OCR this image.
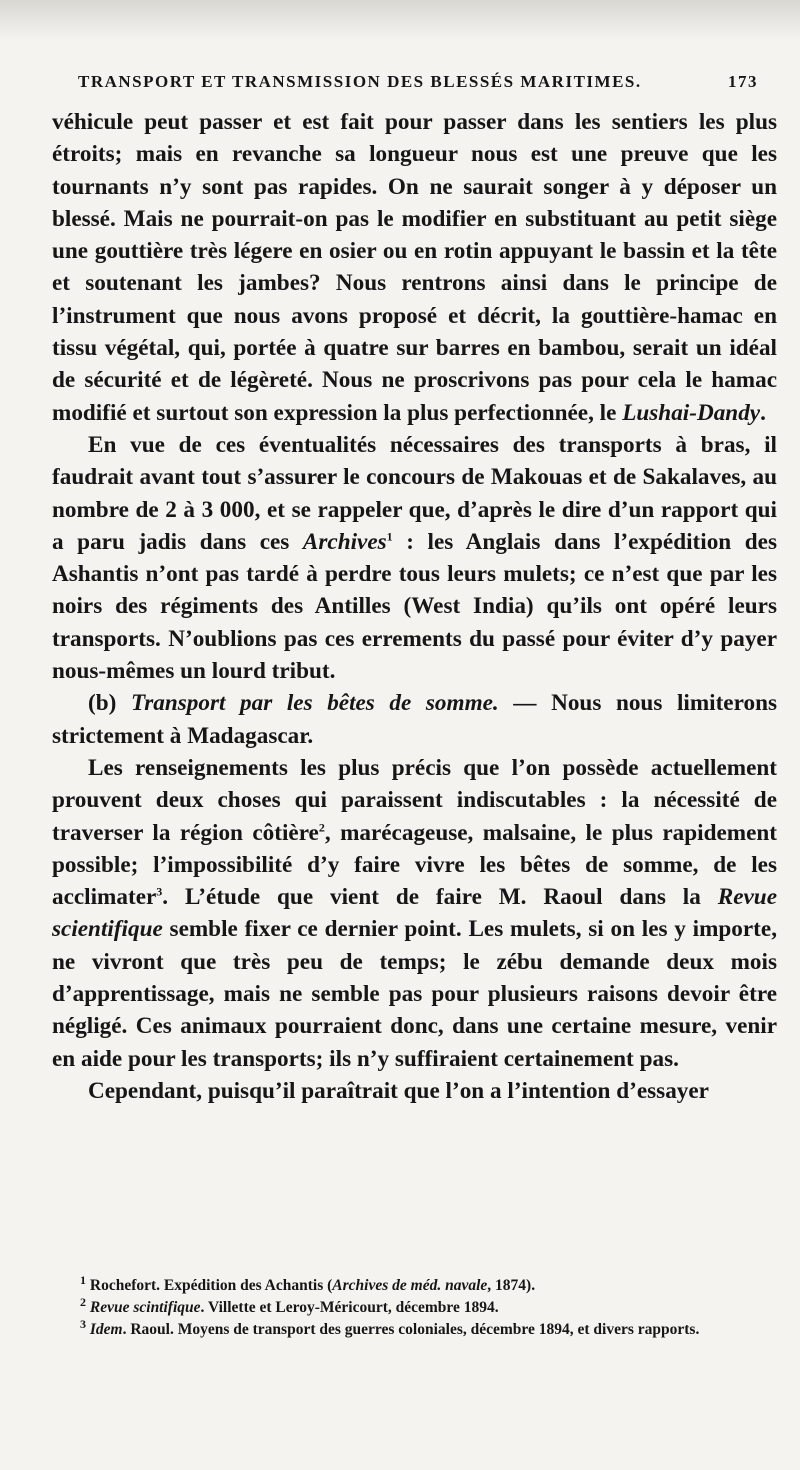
TRANSPORT ET TRANSMISSION DES BLESSÉS MARITIMES.	173

véhicule peut passer et est fait pour passer dans les sentiers les plus étroits; mais en revanche sa longueur nous est une preuve que les tournants n’y sont pas rapides. On ne saurait songer à y déposer un blessé. Mais ne pourrait-on pas le modifier en substituant au petit siège une gouttière très légere en osier ou en rotin appuyant le bassin et la tête et soutenant les jambes? Nous rentrons ainsi dans le principe de l’instrument que nous avons proposé et décrit, la gouttière-hamac en tissu végétal, qui, portée à quatre sur barres en bambou, serait un idéal de sécurité et de légèreté. Nous ne proscrivons pas pour cela le hamac modifié et surtout son expression la plus perfectionnée, le Lushai-Dandy.

En vue de ces éventualités nécessaires des transports à bras, il faudrait avant tout s’assurer le concours de Makouas et de Sakalaves, au nombre de 2 à 3 000, et se rappeler que, d’après le dire d’un rapport qui a paru jadis dans ces Archives$^1$ : les Anglais dans l’expédition des Ashantis n’ont pas tardé à perdre tous leurs mulets; ce n’est que par les noirs des régiments des Antilles (West India) qu’ils ont opéré leurs transports. N’oublions pas ces errements du passé pour éviter d’y payer nous-mêmes un lourd tribut.

(b) Transport par les bêtes de somme. — Nous nous limiterons strictement à Madagascar.

Les renseignements les plus précis que l’on possède actuellement prouvent deux choses qui paraissent indiscutables : la nécessité de traverser la région côtière$^2$, marécageuse, malsaine, le plus rapidement possible; l’impossibilité d’y faire vivre les bêtes de somme, de les acclimater$^3$. L’étude que vient de faire M. Raoul dans la Revue scientifique semble fixer ce dernier point. Les mulets, si on les y importe, ne vivront que très peu de temps; le zébu demande deux mois d’apprentissage, mais ne semble pas pour plusieurs raisons devoir être négligé. Ces animaux pourraient donc, dans une certaine mesure, venir en aide pour les transports; ils n’y suffiraient certainement pas.

Cependant, puisqu’il paraîtrait que l’on a l’intention d’essayer

$^1$ Rochefort. Expédition des Achantis (Archives de méd. navale, 1874).

$^2$ Revue scintifique. Villette et Leroy-Méricourt, décembre 1894.

$^3$ Idem. Raoul. Moyens de transport des guerres coloniales, décembre 1894, et divers rapports.
